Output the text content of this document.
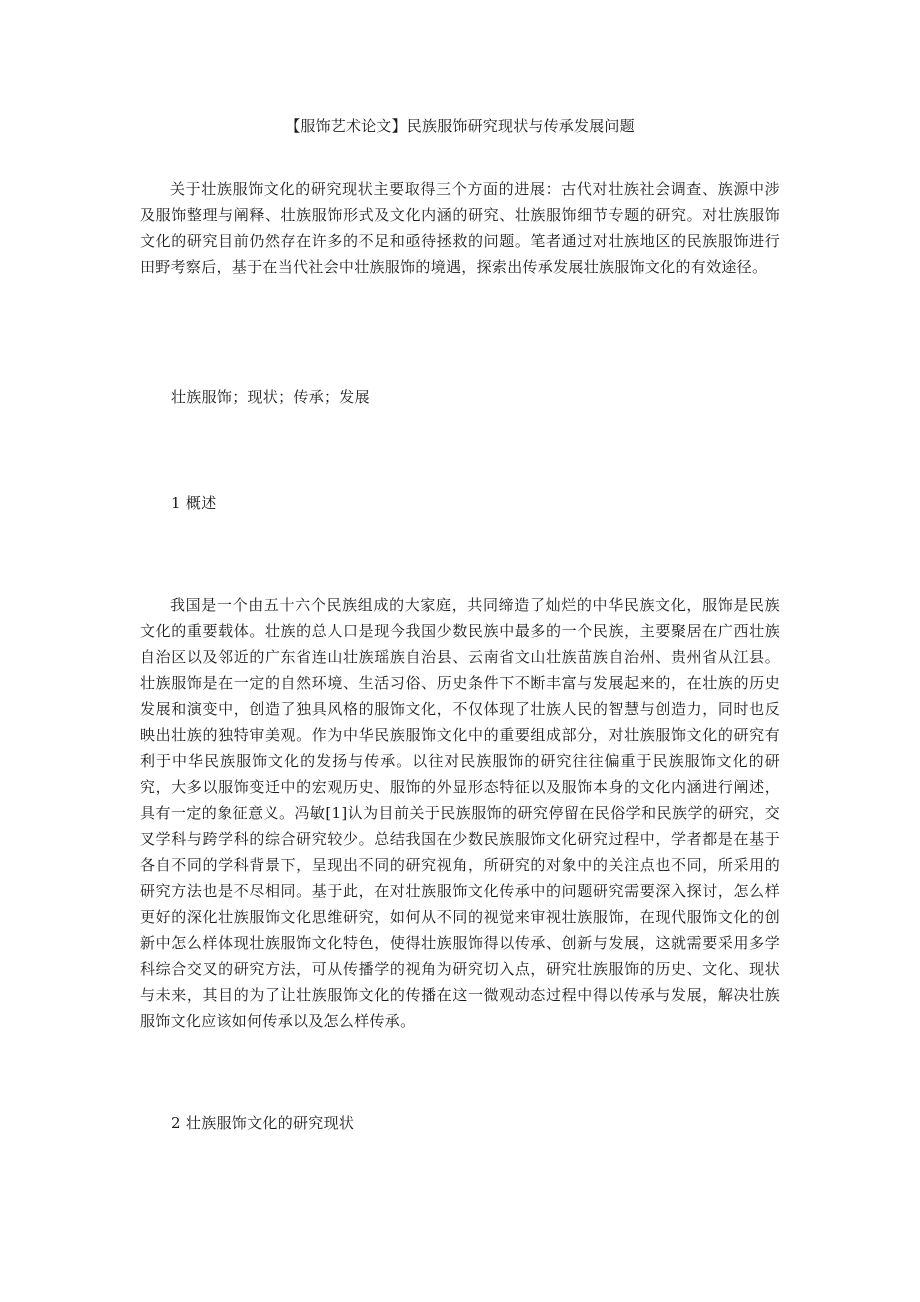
【服饰艺术论文】民族服饰研究现状与传承发展问题

关于壮族服饰文化的研究现状主要取得三个方面的进展：古代对壮族社会调查、族源中涉及服饰整理与阐释、壮族服饰形式及文化内涵的研究、壮族服饰细节专题的研究。对壮族服饰文化的研究目前仍然存在许多的不足和亟待拯救的问题。笔者通过对壮族地区的民族服饰进行田野考察后，基于在当代社会中壮族服饰的境遇，探索出传承发展壮族服饰文化的有效途径。

壮族服饰；现状；传承；发展
1 概述

我国是一个由五十六个民族组成的大家庭，共同缔造了灿烂的中华民族文化，服饰是民族文化的重要载体。壮族的总人口是现今我国少数民族中最多的一个民族，主要聚居在广西壮族自治区以及邻近的广东省连山壮族瑶族自治县、云南省文山壮族苗族自治州、贵州省从江县。壮族服饰是在一定的自然环境、生活习俗、历史条件下不断丰富与发展起来的，在壮族的历史发展和演变中，创造了独具风格的服饰文化，不仅体现了壮族人民的智慧与创造力，同时也反映出壮族的独特审美观。作为中华民族服饰文化中的重要组成部分，对壮族服饰文化的研究有利于中华民族服饰文化的发扬与传承。以往对民族服饰的研究往往偏重于民族服饰文化的研究，大多以服饰变迁中的宏观历史、服饰的外显形态特征以及服饰本身的文化内涵进行阐述，具有一定的象征意义。冯敏[1]认为目前关于民族服饰的研究停留在民俗学和民族学的研究，交叉学科与跨学科的综合研究较少。总结我国在少数民族服饰文化研究过程中，学者都是在基于各自不同的学科背景下，呈现出不同的研究视角，所研究的对象中的关注点也不同，所采用的研究方法也是不尽相同。基于此，在对壮族服饰文化传承中的问题研究需要深入探讨，怎么样更好的深化壮族服饰文化思维研究，如何从不同的视觉来审视壮族服饰，在现代服饰文化的创新中怎么样体现壮族服饰文化特色，使得壮族服饰得以传承、创新与发展，这就需要采用多学科综合交叉的研究方法，可从传播学的视角为研究切入点，研究壮族服饰的历史、文化、现状与未来，其目的为了让壮族服饰文化的传播在这一微观动态过程中得以传承与发展，解决壮族服饰文化应该如何传承以及怎么样传承。

2 壮族服饰文化的研究现状
